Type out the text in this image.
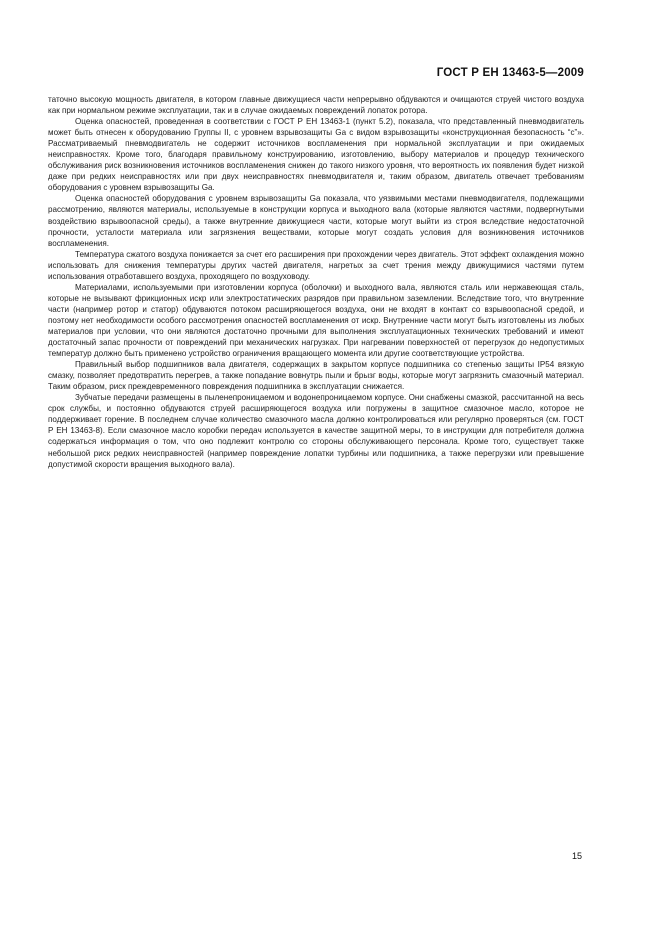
ГОСТ Р ЕН 13463-5—2009

таточно высокую мощность двигателя, в котором главные движущиеся части непрерывно обдуваются и очищаются струей чистого воздуха как при нормальном режиме эксплуатации, так и в случае ожидаемых повреждений лопаток ротора.

Оценка опасностей, проведенная в соответствии с ГОСТ Р ЕН 13463-1 (пункт 5.2), показала, что представленный пневмодвигатель может быть отнесен к оборудованию Группы II, с уровнем взрывозащиты Gа с видом взрывозащиты «конструкционная безопасность “с”». Рассматриваемый пневмодвигатель не содержит источников воспламенения при нормальной эксплуатации и при ожидаемых неисправностях. Кроме того, благодаря правильному конструированию, изготовлению, выбору материалов и процедур технического обслуживания риск возникновения источников воспламенения снижен до такого низкого уровня, что вероятность их появления будет низкой даже при редких неисправностях или при двух неисправностях пневмодвигателя и, таким образом, двигатель отвечает требованиям оборудования с уровнем взрывозащиты Gа.

Оценка опасностей оборудования с уровнем взрывозащиты Gа показала, что уязвимыми местами пневмодвигателя, подлежащими рассмотрению, являются материалы, используемые в конструкции корпуса и выходного вала (которые являются частями, подвергнутыми воздействию взрывоопасной среды), а также внутренние движущиеся части, которые могут выйти из строя вследствие недостаточной прочности, усталости материала или загрязнения веществами, которые могут создать условия для возникновения источников воспламенения.

Температура сжатого воздуха понижается за счет его расширения при прохождении через двигатель. Этот эффект охлаждения можно использовать для снижения температуры других частей двигателя, нагретых за счет трения между движущимися частями путем использования отработавшего воздуха, проходящего по воздуховоду.

Материалами, используемыми при изготовлении корпуса (оболочки) и выходного вала, являются сталь или нержавеющая сталь, которые не вызывают фрикционных искр или электростатических разрядов при правильном заземлении. Вследствие того, что внутренние части (например ротор и статор) обдуваются потоком расширяющегося воздуха, они не входят в контакт со взрывоопасной средой, и поэтому нет необходимости особого рассмотрения опасностей воспламенения от искр. Внутренние части могут быть изготовлены из любых материалов при условии, что они являются достаточно прочными для выполнения эксплуатационных технических требований и имеют достаточный запас прочности от повреждений при механических нагрузках. При нагревании поверхностей от перегрузок до недопустимых температур должно быть применено устройство ограничения вращающего момента или другие соответствующие устройства.

Правильный выбор подшипников вала двигателя, содержащих в закрытом корпусе подшипника со степенью защиты IP54 вязкую смазку, позволяет предотвратить перегрев, а также попадание вовнутрь пыли и брызг воды, которые могут загрязнить смазочный материал. Таким образом, риск преждевременного повреждения подшипника в эксплуатации снижается.

Зубчатые передачи размещены в пыленепроницаемом и водонепроницаемом корпусе. Они снабжены смазкой, рассчитанной на весь срок службы, и постоянно обдуваются струей расширяющегося воздуха или погружены в защитное смазочное масло, которое не поддерживает горение. В последнем случае количество смазочного масла должно контролироваться или регулярно проверяться (см. ГОСТ Р ЕН 13463-8). Если смазочное масло коробки передач используется в качестве защитной меры, то в инструкции для потребителя должна содержаться информация о том, что оно подлежит контролю со стороны обслуживающего персонала. Кроме того, существует также небольшой риск редких неисправностей (например повреждение лопатки турбины или подшипника, а также перегрузки или превышение допустимой скорости вращения выходного вала).

15
